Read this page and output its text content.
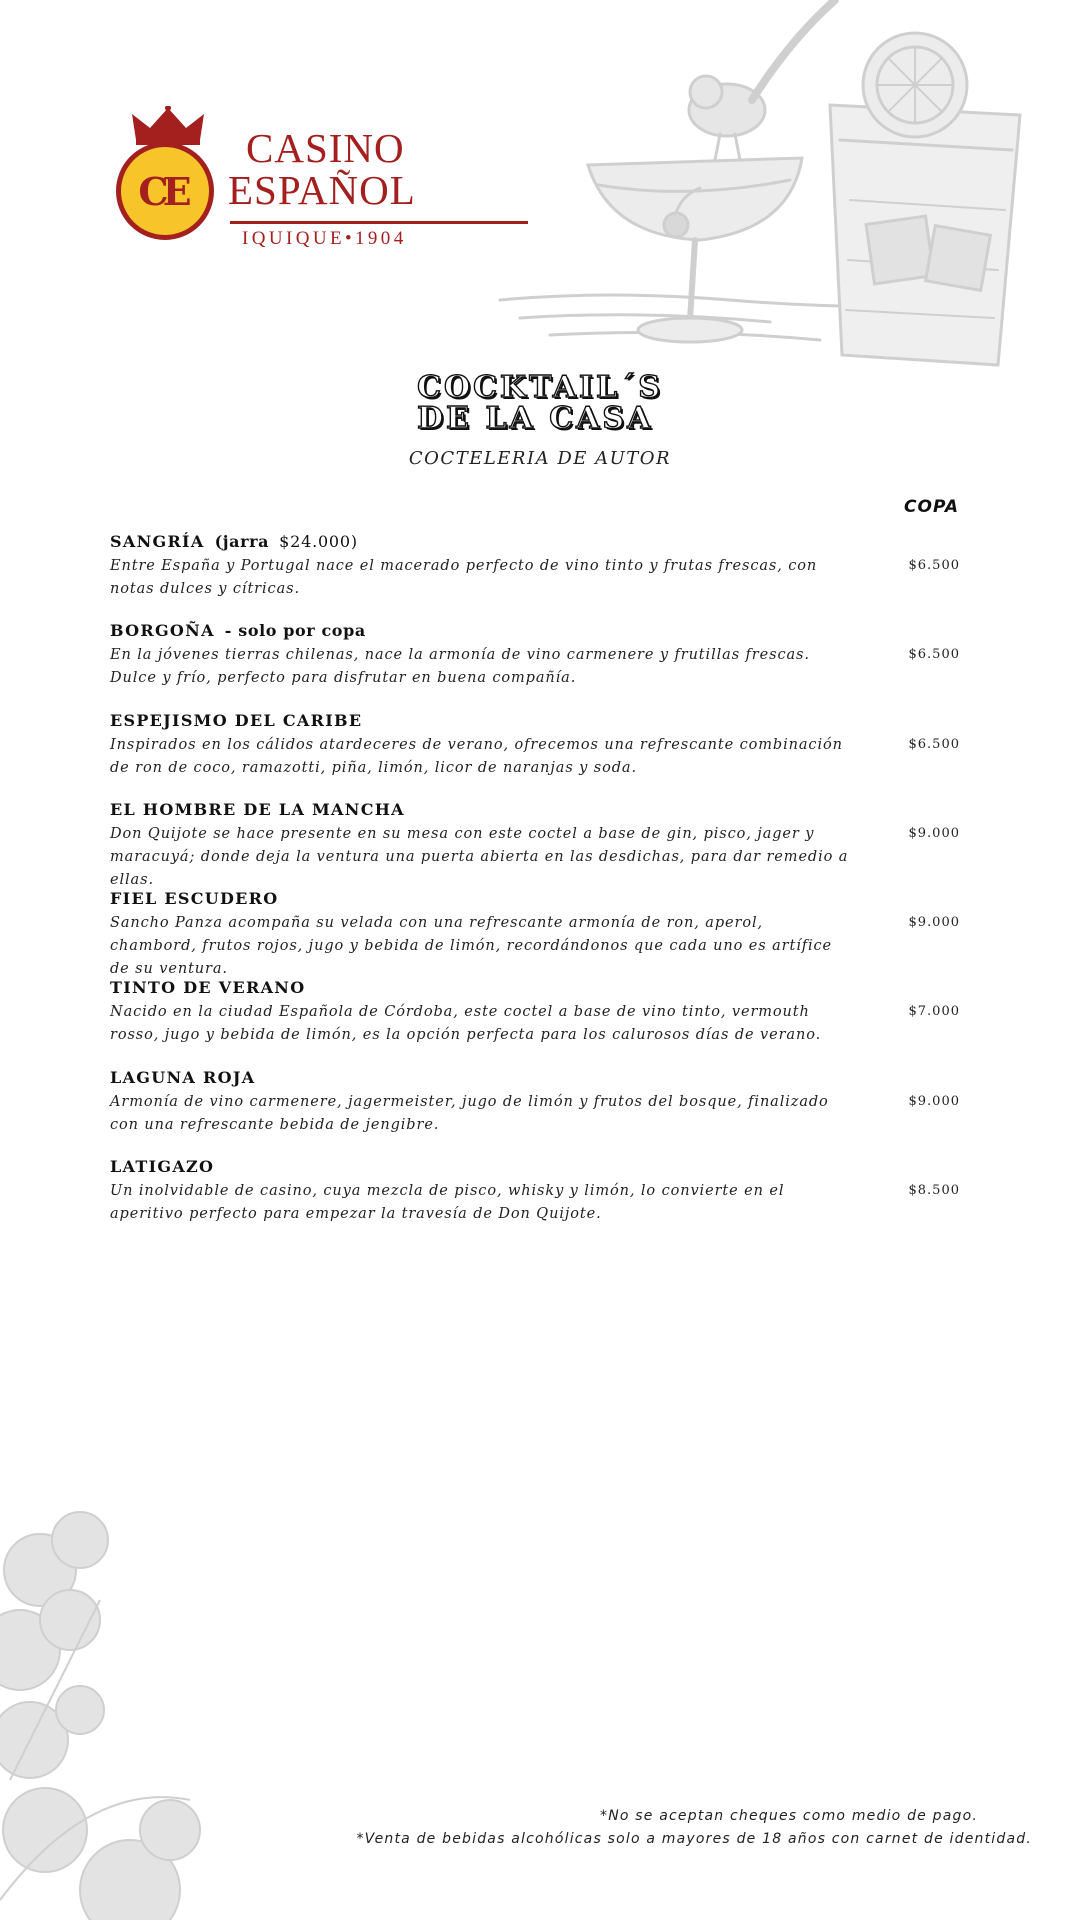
CE
CASINO
ESPAÑOL
IQUIQUE•1904
COCKTAIL´S
DE LA CASA
COCTELERIA DE AUTOR
COPA
SANGRÍA (jarra $24.000)
Entre España y Portugal nace el macerado perfecto de vino tinto y frutas frescas, con notas dulces y cítricas.
$6.500
BORGOÑA - solo por copa
En la jóvenes tierras chilenas, nace la armonía de vino carmenere y frutillas frescas. Dulce y frío, perfecto para disfrutar en buena compañía.
$6.500
ESPEJISMO DEL CARIBE
Inspirados en los cálidos atardeceres de verano, ofrecemos una refrescante combinación de ron de coco, ramazotti, piña, limón, licor de naranjas y soda.
$6.500
EL HOMBRE DE LA MANCHA
Don Quijote se hace presente en su mesa con este coctel a base de gin, pisco, jager y maracuyá; donde deja la ventura una puerta abierta en las desdichas, para dar remedio a ellas.
$9.000
FIEL ESCUDERO
Sancho Panza acompaña su velada con una refrescante armonía de ron, aperol, chambord, frutos rojos, jugo y bebida de limón, recordándonos que cada uno es artífice de su ventura.
$9.000
TINTO DE VERANO
Nacido en la ciudad Española de Córdoba, este coctel a base de vino tinto, vermouth rosso, jugo y bebida de limón, es la opción perfecta para los calurosos días de verano.
$7.000
LAGUNA ROJA
Armonía de vino carmenere, jagermeister, jugo de limón y frutos del bosque, finalizado con una refrescante bebida de jengibre.
$9.000
LATIGAZO
Un inolvidable de casino, cuya mezcla de pisco, whisky y limón, lo convierte en el aperitivo perfecto para empezar la travesía de Don Quijote.
$8.500
*No se aceptan cheques como medio de pago.
*Venta de bebidas alcohólicas solo a mayores de 18 años con carnet de identidad.
